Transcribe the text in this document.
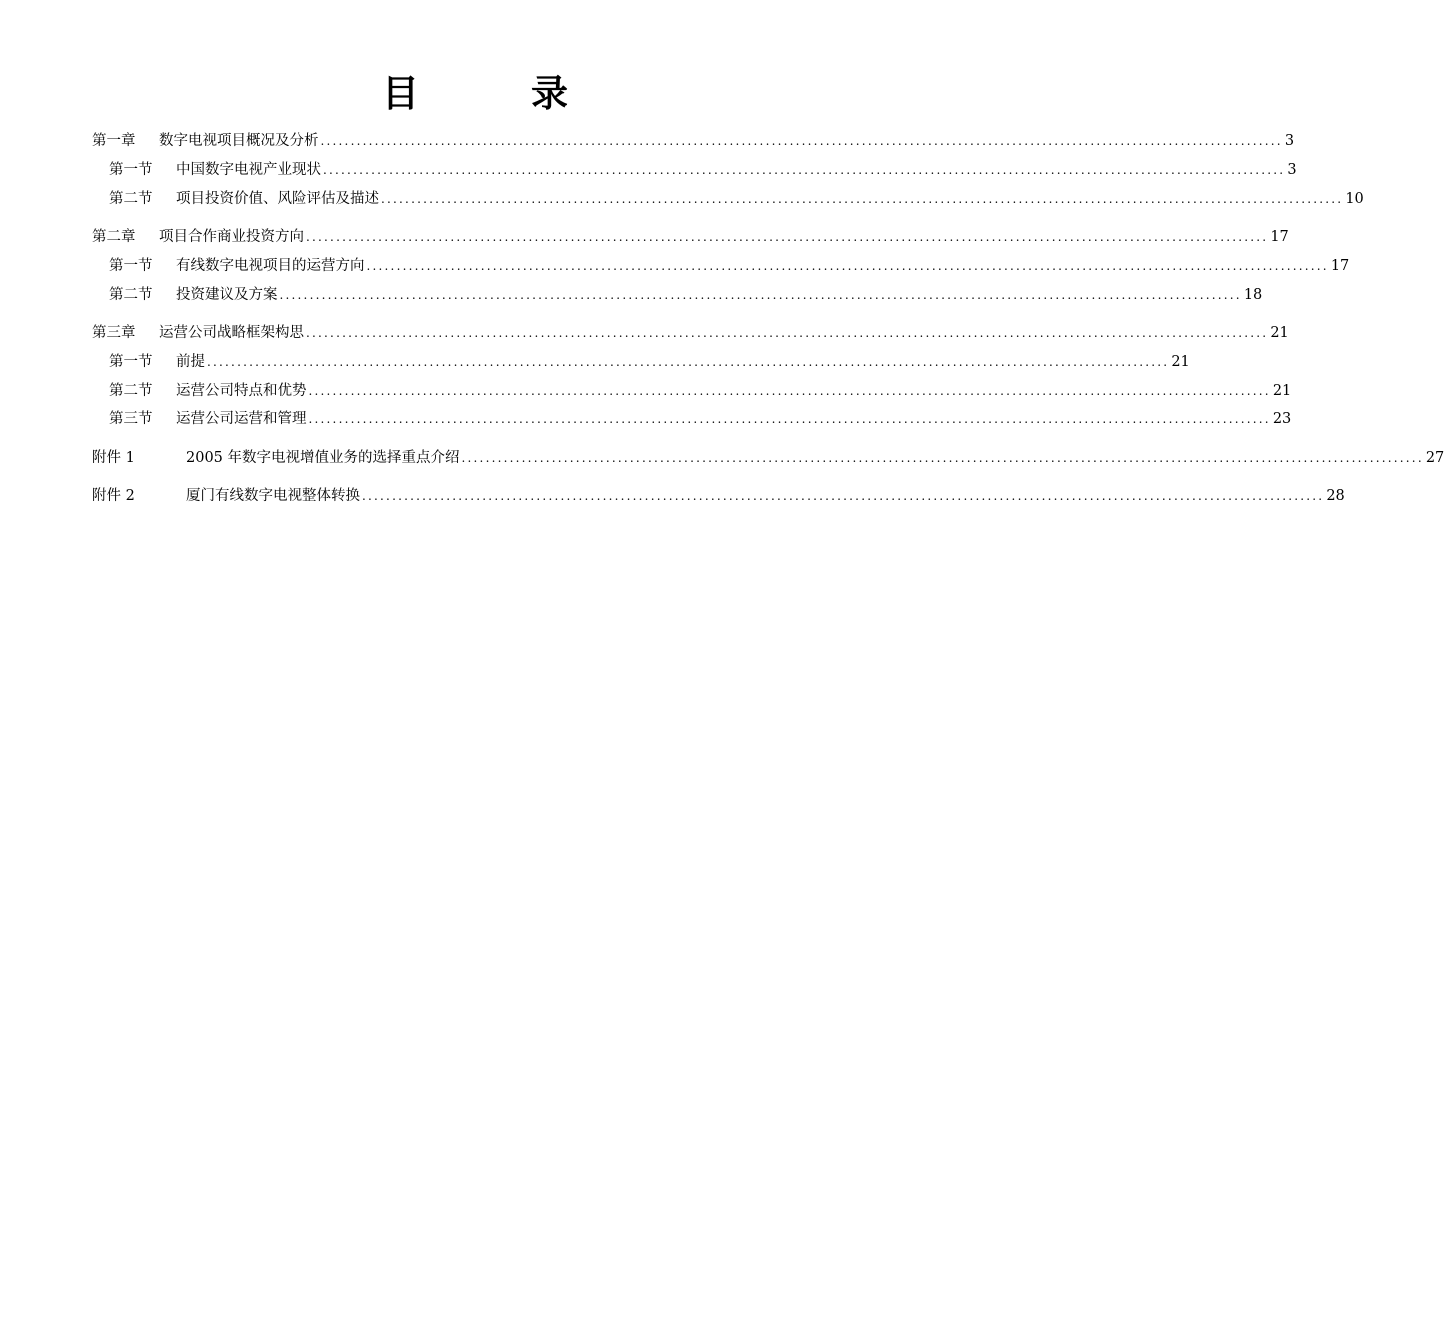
目	录
第一章	数字电视项目概况及分析 ................................................................................................................................................................ 3
第一节	中国数字电视产业现状 ................................................................................................................................................................ 3
第二节	项目投资价值、风险评估及描述 ................................................................................................................................................................ 10
第二章	项目合作商业投资方向 ................................................................................................................................................................ 17
第一节	有线数字电视项目的运营方向 ................................................................................................................................................................ 17
第二节	投资建议及方案 ................................................................................................................................................................ 18
第三章	运营公司战略框架构思 ................................................................................................................................................................ 21
第一节	前提 ................................................................................................................................................................ 21
第二节	运营公司特点和优势 ................................................................................................................................................................ 21
第三节	运营公司运营和管理 ................................................................................................................................................................ 23
附件 1	2005 年数字电视增值业务的选择重点介绍 ................................................................................................................................................................ 27
附件 2	厦门有线数字电视整体转换 ................................................................................................................................................................ 28
